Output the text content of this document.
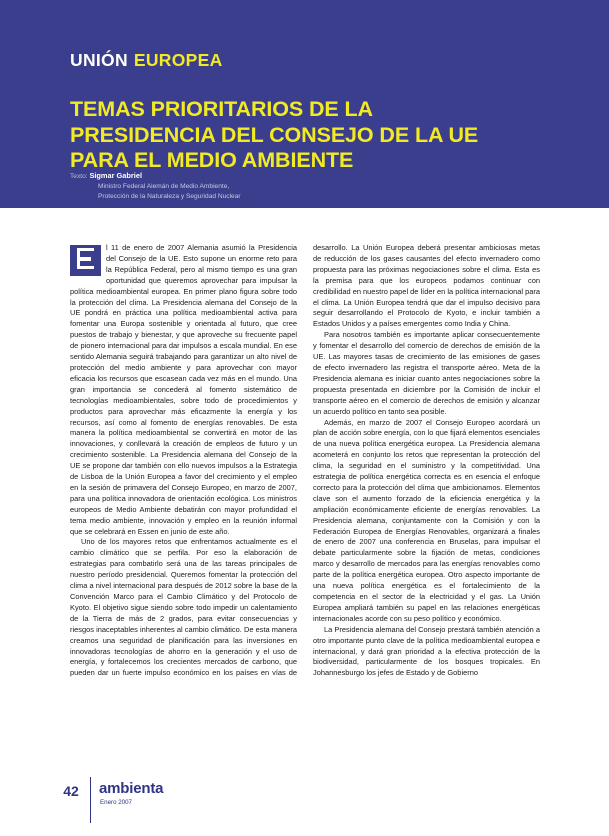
UNIÓN EUROPEA
TEMAS PRIORITARIOS DE LA
PRESIDENCIA DEL CONSEJO DE LA UE
PARA EL MEDIO AMBIENTE
Texto: Sigmar Gabriel
Ministro Federal Alemán de Medio Ambiente,
Protección de la Naturaleza y Seguridad Nuclear

l 11 de enero de 2007 Alemania asumió la Presidencia del Consejo de la UE. Esto supone un enorme reto para la República Federal, pero al mismo tiempo es una gran oportunidad que queremos aprovechar para impulsar la política medioambiental europea. En primer plano figura sobre todo la protección del clima. La Presidencia alemana del Consejo de la UE pondrá en práctica una política medioambiental activa para fomentar una Europa sostenible y orientada al futuro, que cree puestos de trabajo y bienestar, y que aproveche su frecuente papel de pionero internacional para dar impulsos a escala mundial. En ese sentido Alemania seguirá trabajando para garantizar un alto nivel de protección del medio ambiente y para aprovechar con mayor eficacia los recursos que escasean cada vez más en el mundo. Una gran importancia se concederá al fomento sistemático de tecnologías medioambientales, sobre todo de procedimientos y productos para aprovechar más eficazmente la energía y los recursos, así como al fomento de energías renovables. De esta manera la política medioambiental se convertirá en motor de las innovaciones, y conllevará la creación de empleos de futuro y un crecimiento sostenible. La Presidencia alemana del Consejo de la UE se propone dar también con ello nuevos impulsos a la Estrategia de Lisboa de la Unión Europea a favor del crecimiento y el empleo en la sesión de primavera del Consejo Europeo, en marzo de 2007, para una política innovadora de orientación ecológica. Los ministros europeos de Medio Ambiente debatirán con mayor profundidad el tema medio ambiente, innovación y empleo en la reunión informal que se celebrará en Essen en junio de este año.

Uno de los mayores retos que enfrentamos actualmente es el cambio climático que se perfila. Por eso la elaboración de estrategias para combatirlo será una de las tareas principales de nuestro período presidencial. Queremos fomentar la protección del clima a nivel internacional para después de 2012 sobre la base de la Convención Marco para el Cambio Climático y del Protocolo de Kyoto. El objetivo sigue siendo sobre todo impedir un calentamiento de la Tierra de más de 2 grados, para evitar consecuencias y riesgos inaceptables inherentes al cambio climático. De esta manera creamos una seguridad de planificación para las inversiones en innovadoras tecnologías de ahorro en la generación y el uso de energía, y fortalecemos los crecientes mercados de carbono, que pueden dar un fuerte impulso económico en los países en vías de desarrollo. La Unión Europea deberá presentar ambiciosas metas de reducción de los gases causantes del efecto invernadero como propuesta para las próximas negociaciones sobre el clima. Esta es la premisa para que los europeos podamos continuar con credibilidad en nuestro papel de líder en la política internacional para el clima. La Unión Europea tendrá que dar el impulso decisivo para seguir desarrollando el Protocolo de Kyoto, e incluir también a Estados Unidos y a países emergentes como India y China.

Para nosotros también es importante aplicar consecuentemente y fomentar el desarrollo del comercio de derechos de emisión de la UE. Las mayores tasas de crecimiento de las emisiones de gases de efecto invernadero las registra el transporte aéreo. Meta de la Presidencia alemana es iniciar cuanto antes negociaciones sobre la propuesta presentada en diciembre por la Comisión de incluir el transporte aéreo en el comercio de derechos de emisión y alcanzar un acuerdo político en tanto sea posible.

Además, en marzo de 2007 el Consejo Europeo acordará un plan de acción sobre energía, con lo que fijará elementos esenciales de una nueva política energética europea. La Presidencia alemana acometerá en conjunto los retos que representan la protección del clima, la seguridad en el suministro y la competitividad. Una estrategia de política energética correcta es en esencia el enfoque correcto para la protección del clima que ambicionamos. Elementos clave son el aumento forzado de la eficiencia energética y la ampliación económicamente eficiente de energías renovables. La Presidencia alemana, conjuntamente con la Comisión y con la Federación Europea de Energías Renovables, organizará a finales de enero de 2007 una conferencia en Bruselas, para impulsar el debate particularmente sobre la fijación de metas, condiciones marco y desarrollo de mercados para las energías renovables como parte de la política energética europea. Otro aspecto importante de una nueva política energética es el fortalecimiento de la competencia en el sector de la electricidad y el gas. La Unión Europea ampliará también su papel en las relaciones energéticas internacionales acorde con su peso político y económico.

La Presidencia alemana del Consejo prestará también atención a otro importante punto clave de la política medioambiental europea e internacional, y dará gran prioridad a la efectiva protección de la biodiversidad, particularmente de los bosques tropicales. En Johannesburgo los jefes de Estado y de Gobierno

42	ambienta
Enero 2007
